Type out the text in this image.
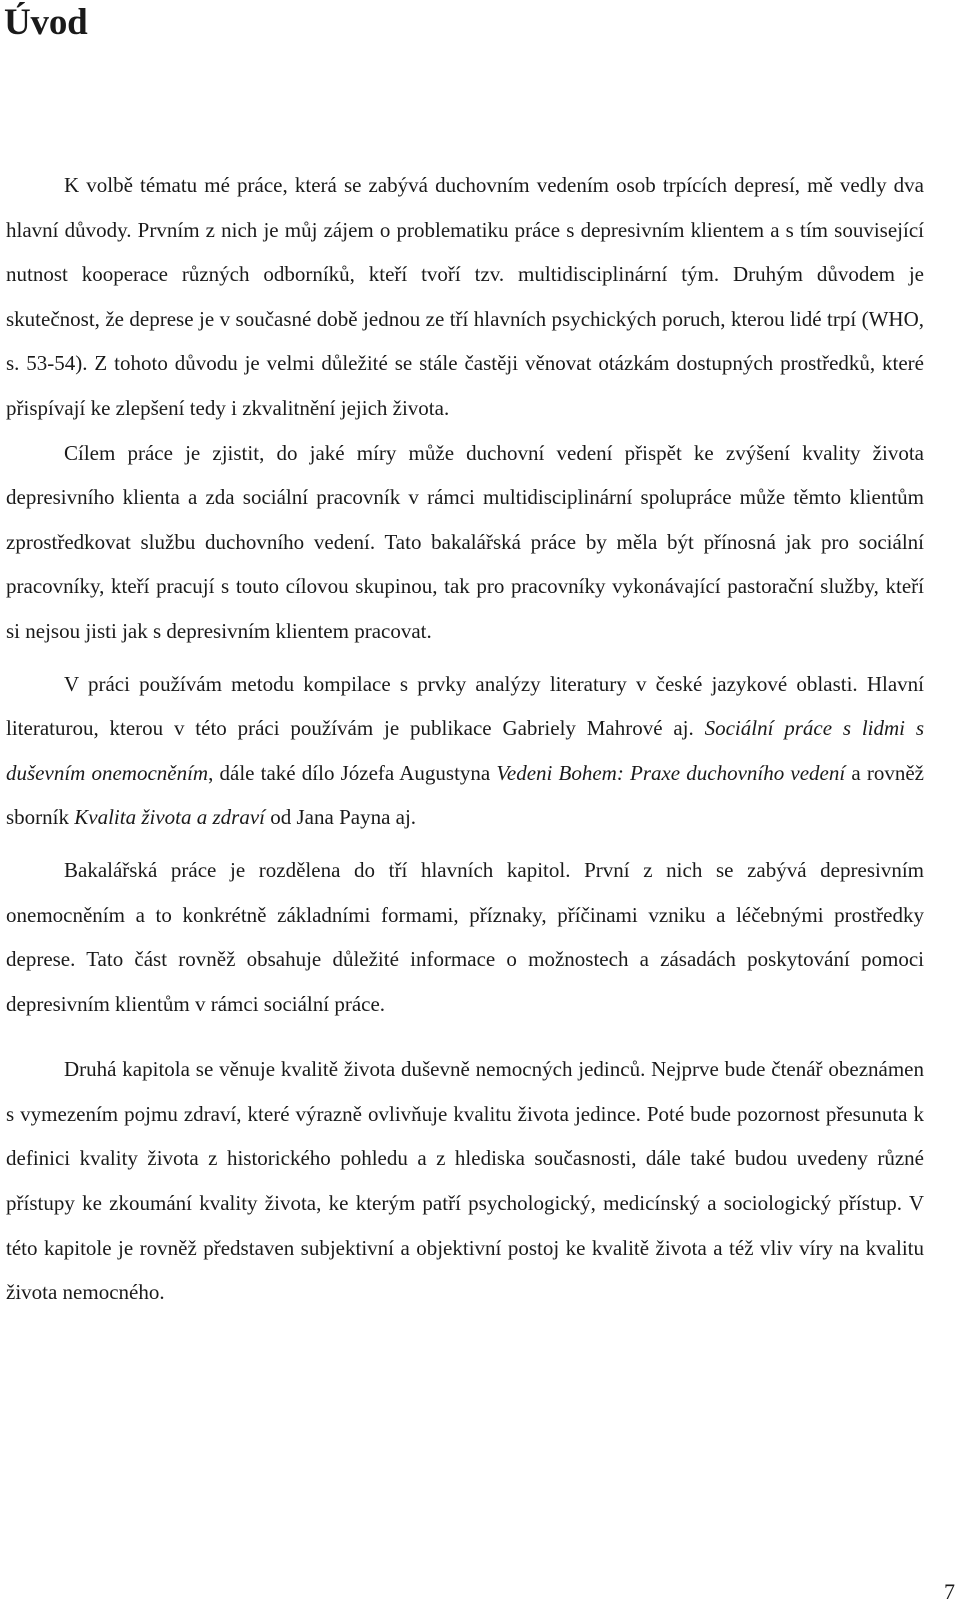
Úvod

K volbě tématu mé práce, která se zabývá duchovním vedením osob trpících depresí, mě vedly dva hlavní důvody. Prvním z nich je můj zájem o problematiku práce s depresivním klientem a s tím související nutnost kooperace různých odborníků, kteří tvoří tzv. multidisciplinární tým. Druhým důvodem je skutečnost, že deprese je v současné době jednou ze tří hlavních psychických poruch, kterou lidé trpí (WHO, s. 53-54). Z tohoto důvodu je velmi důležité se stále častěji věnovat otázkám dostupných prostředků, které přispívají ke zlepšení tedy i zkvalitnění jejich života.

Cílem práce je zjistit, do jaké míry může duchovní vedení přispět ke zvýšení kvality života depresivního klienta a zda sociální pracovník v rámci multidisciplinární spolupráce může těmto klientům zprostředkovat službu duchovního vedení. Tato bakalářská práce by měla být přínosná jak pro sociální pracovníky, kteří pracují s touto cílovou skupinou, tak pro pracovníky vykonávající pastorační služby, kteří si nejsou jisti jak s depresivním klientem pracovat.

V práci používám metodu kompilace s prvky analýzy literatury v české jazykové oblasti. Hlavní literaturou, kterou v této práci používám je publikace Gabriely Mahrové aj. Sociální práce s lidmi s duševním onemocněním, dále také dílo Józefa Augustyna Vedeni Bohem: Praxe duchovního vedení a rovněž sborník Kvalita života a zdraví od Jana Payna aj.

Bakalářská práce je rozdělena do tří hlavních kapitol. První z nich se zabývá depresivním onemocněním a to konkrétně základními formami, příznaky, příčinami vzniku a léčebnými prostředky deprese. Tato část rovněž obsahuje důležité informace o možnostech a zásadách poskytování pomoci depresivním klientům v rámci sociální práce.

Druhá kapitola se věnuje kvalitě života duševně nemocných jedinců. Nejprve bude čtenář obeznámen s vymezením pojmu zdraví, které výrazně ovlivňuje kvalitu života jedince. Poté bude pozornost přesunuta k definici kvality života z historického pohledu a z hlediska současnosti, dále také budou uvedeny různé přístupy ke zkoumání kvality života, ke kterým patří psychologický, medicínský a sociologický přístup. V této kapitole je rovněž představen subjektivní a objektivní postoj ke kvalitě života a též vliv víry na kvalitu života nemocného.

7
